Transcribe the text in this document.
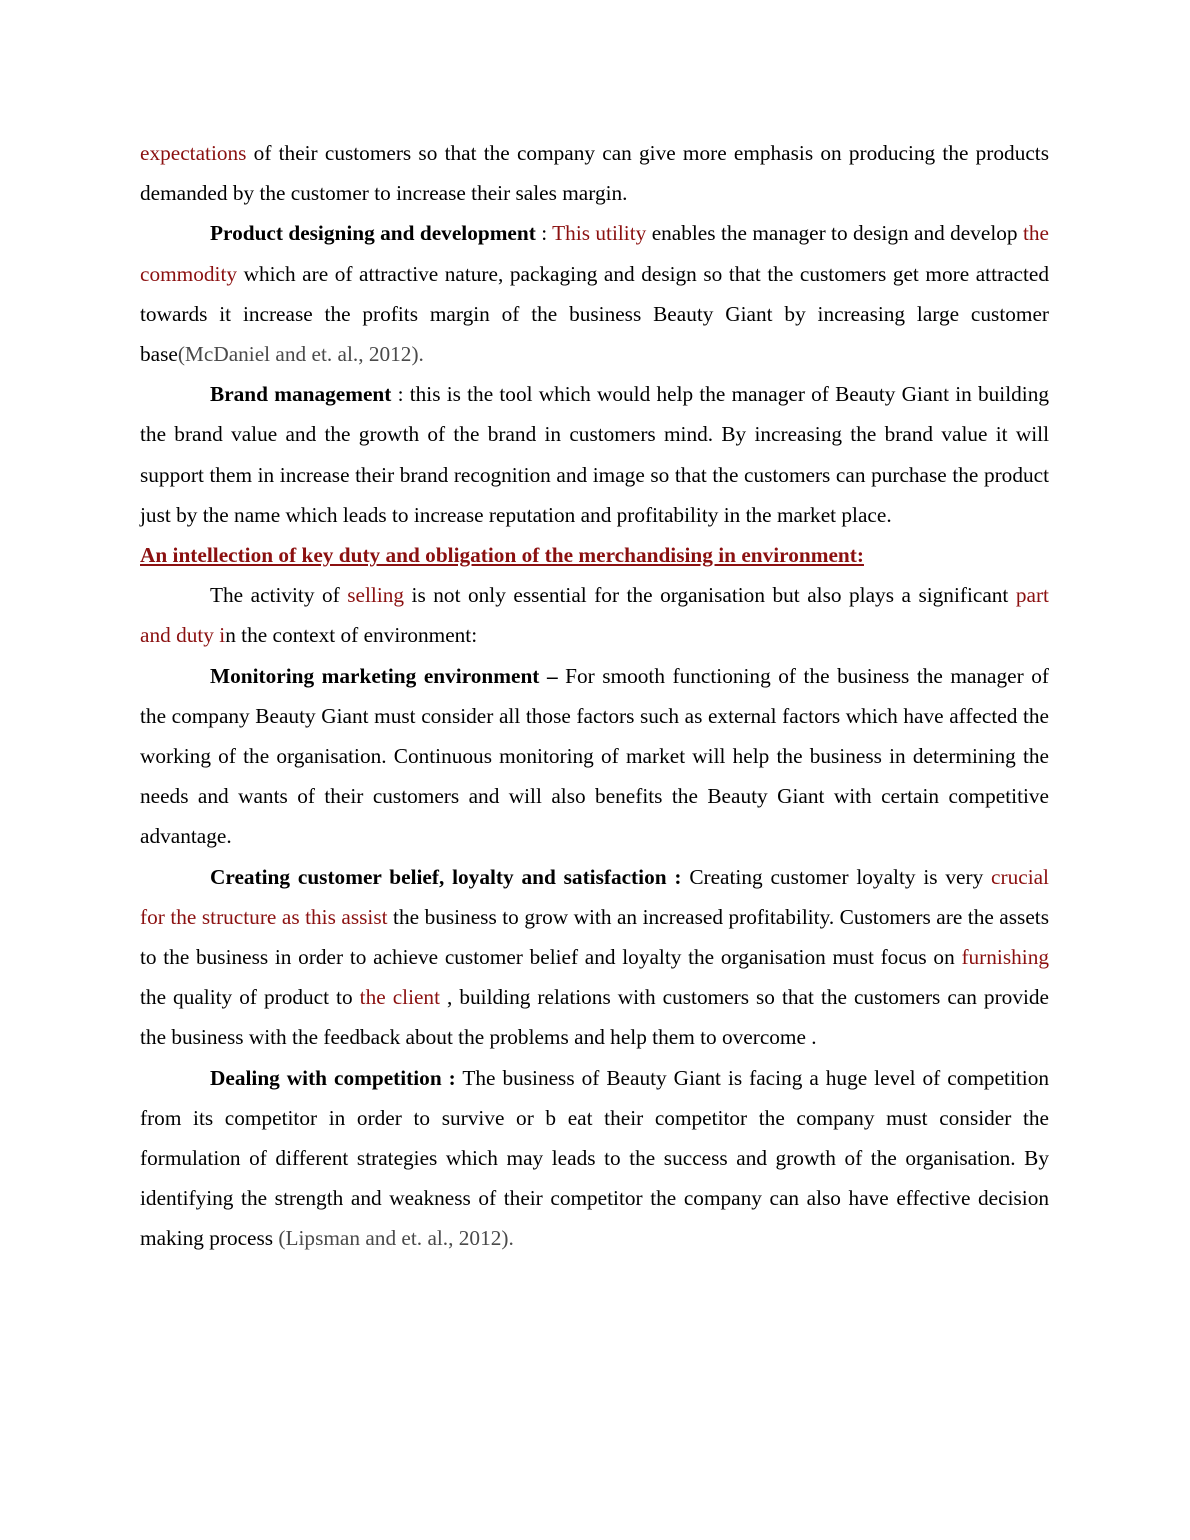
expectations of their customers so that the company can give more emphasis on producing the products demanded by the customer to increase their sales margin.

Product designing and development : This utility enables the manager to design and develop the commodity which are of attractive nature, packaging and design so that the customers get more attracted towards it increase the profits margin of the business Beauty Giant by increasing large customer base(McDaniel and et. al., 2012).

Brand management : this is the tool which would help the manager of Beauty Giant in building the brand value and the growth of the brand in customers mind. By increasing the brand value it will support them in increase their brand recognition and image so that the customers can purchase the product just by the name which leads to increase reputation and profitability in the market place.

An intellection of key duty and obligation of the merchandising in environment:

The activity of selling is not only essential for the organisation but also plays a significant part and duty in the context of environment:

Monitoring marketing environment – For smooth functioning of the business the manager of the company Beauty Giant must consider all those factors such as external factors which have affected the working of the organisation. Continuous monitoring of market will help the business in determining the needs and wants of their customers and will also benefits the Beauty Giant with certain competitive advantage.

Creating customer belief, loyalty and satisfaction : Creating customer loyalty is very crucial for the structure as this assist the business to grow with an increased profitability. Customers are the assets to the business in order to achieve customer belief and loyalty the organisation must focus on furnishing the quality of product to the client , building relations with customers so that the customers can provide the business with the feedback about the problems and help them to overcome .

Dealing with competition : The business of Beauty Giant is facing a huge level of competition from its competitor in order to survive or b eat their competitor the company must consider the formulation of different strategies which may leads to the success and growth of the organisation. By identifying the strength and weakness of their competitor the company can also have effective decision making process (Lipsman and et. al., 2012).
